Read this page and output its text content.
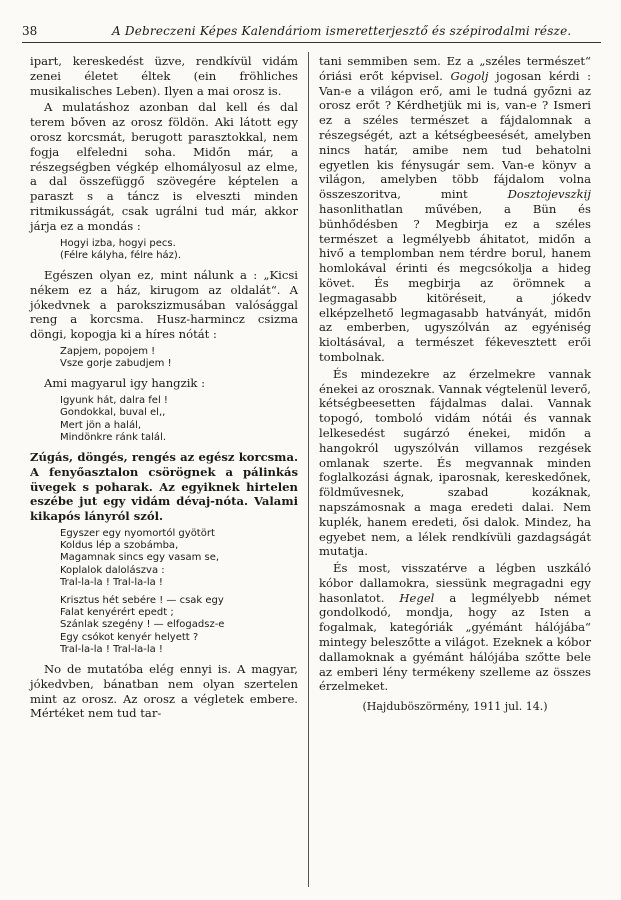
38	A Debreczeni Képes Kalendáriom ismeretterjesztő és szépirodalmi része.

ipart, kereskedést üzve, rendkívül vidám zenei életet éltek (ein fröhliches musikalisches Leben). Ilyen a mai orosz is.

A mulatáshoz azonban dal kell és dal terem bőven az orosz földön. Aki látott egy orosz korcsmát, berugott parasztokkal, nem fogja elfeledni soha. Midőn már, a részegségben végkép elhomályosul az elme, a dal összefüggő szövegére képtelen a paraszt s a táncz is elveszti minden ritmikusságát, csak ugrálni tud már, akkor járja ez a mondás :

Hogyi izba, hogyi pecs.
(Félre kályha, félre ház).

Egészen olyan ez, mint nálunk a : „Kicsi nékem ez a ház, kirugom az oldalát“. A jókedvnek a parokszizmusában valósággal reng a korcsma. Husz-harmincz csizma döngi, kopogja ki a híres nótát :

Zapjem, popojem !
Vsze gorje zabudjem !

Ami magyarul igy hangzik :

Igyunk hát, dalra fel !
Gondokkal, buval el,,
Mert jön a halál,
Mindönkre ránk talál.

Zúgás, döngés, rengés az egész korcsma. A fenyőasztalon csörögnek a pálinkás üvegek s poharak. Az egyiknek hirtelen eszébe jut egy vidám dévaj-nóta. Valami kikapós lányról szól.

Egyszer egy nyomortól gyötört
Koldus lép a szobámba,
Magamnak sincs egy vasam se,
Koplalok dalolászva :
Tral-la-la ! Tral-la-la !
Krisztus hét sebére ! — csak egy
Falat kenyérért epedt ;
Szánlak szegény ! — elfogadsz-e
Egy csókot kenyér helyett ?
Tral-la-la ! Tral-la-la !

No de mutatóba elég ennyi is. A magyar, jókedvben, bánatban nem olyan szertelen mint az orosz. Az orosz a végletek embere. Mértéket nem tud tar-

tani semmiben sem. Ez a „széles természet“ óriási erőt képvisel. Gogolj jogosan kérdi : Van-e a világon erő, ami le tudná győzni az orosz erőt ? Kérdhetjük mi is, van-e ? Ismeri ez a széles természet a fájdalomnak a részegségét, azt a kétségbeesését, amelyben nincs határ, amibe nem tud behatolni egyetlen kis fénysugár sem. Van-e könyv a világon, amelyben több fájdalom volna összeszoritva, mint	Dosztojevszkij hasonlithatlan művében, a Bün és bünhődésben ? Megbirja ez a széles természet a legmélyebb áhitatot, midőn a hivő a templomban nem térdre borul, hanem homlokával érinti és megcsókolja a hideg követ. És megbirja az örömnek a legmagasabb kitöréseit, a jókedv elképzelhető legmagasabb hatványát, midőn az emberben, ugyszólván az egyéniség kioltásával, a természet fékevesztett erői tombolnak.

És mindezekre az érzelmekre vannak énekei az orosznak. Vannak végtelenül leverő, kétségbeesetten fájdalmas dalai. Vannak topogó, tomboló vidám nótái és vannak lelkesedést sugárzó énekei, midőn a hangokról ugyszólván villamos rezgések omlanak szerte. És megvannak minden foglalkozási ágnak, iparosnak, kereskedőnek, földművesnek, szabad kozáknak, napszámosnak a maga eredeti dalai. Nem kuplék, hanem eredeti, ősi dalok. Mindez, ha egyebet nem, a lélek rendkívüli gazdagságát mutatja.

És most, visszatérve a légben uszkáló kóbor dallamokra, siessünk megragadni egy hasonlatot. Hegel a legmélyebb német gondolkodó, mondja, hogy az Isten a fogalmak, kategóriák „gyémánt hálójába“ mintegy beleszőtte a világot. Ezeknek a kóbor dallamoknak a gyémánt hálójába szőtte bele az emberi lény termékeny szelleme az összes érzelmeket.

(Hajduböszörmény, 1911 jul. 14.)
